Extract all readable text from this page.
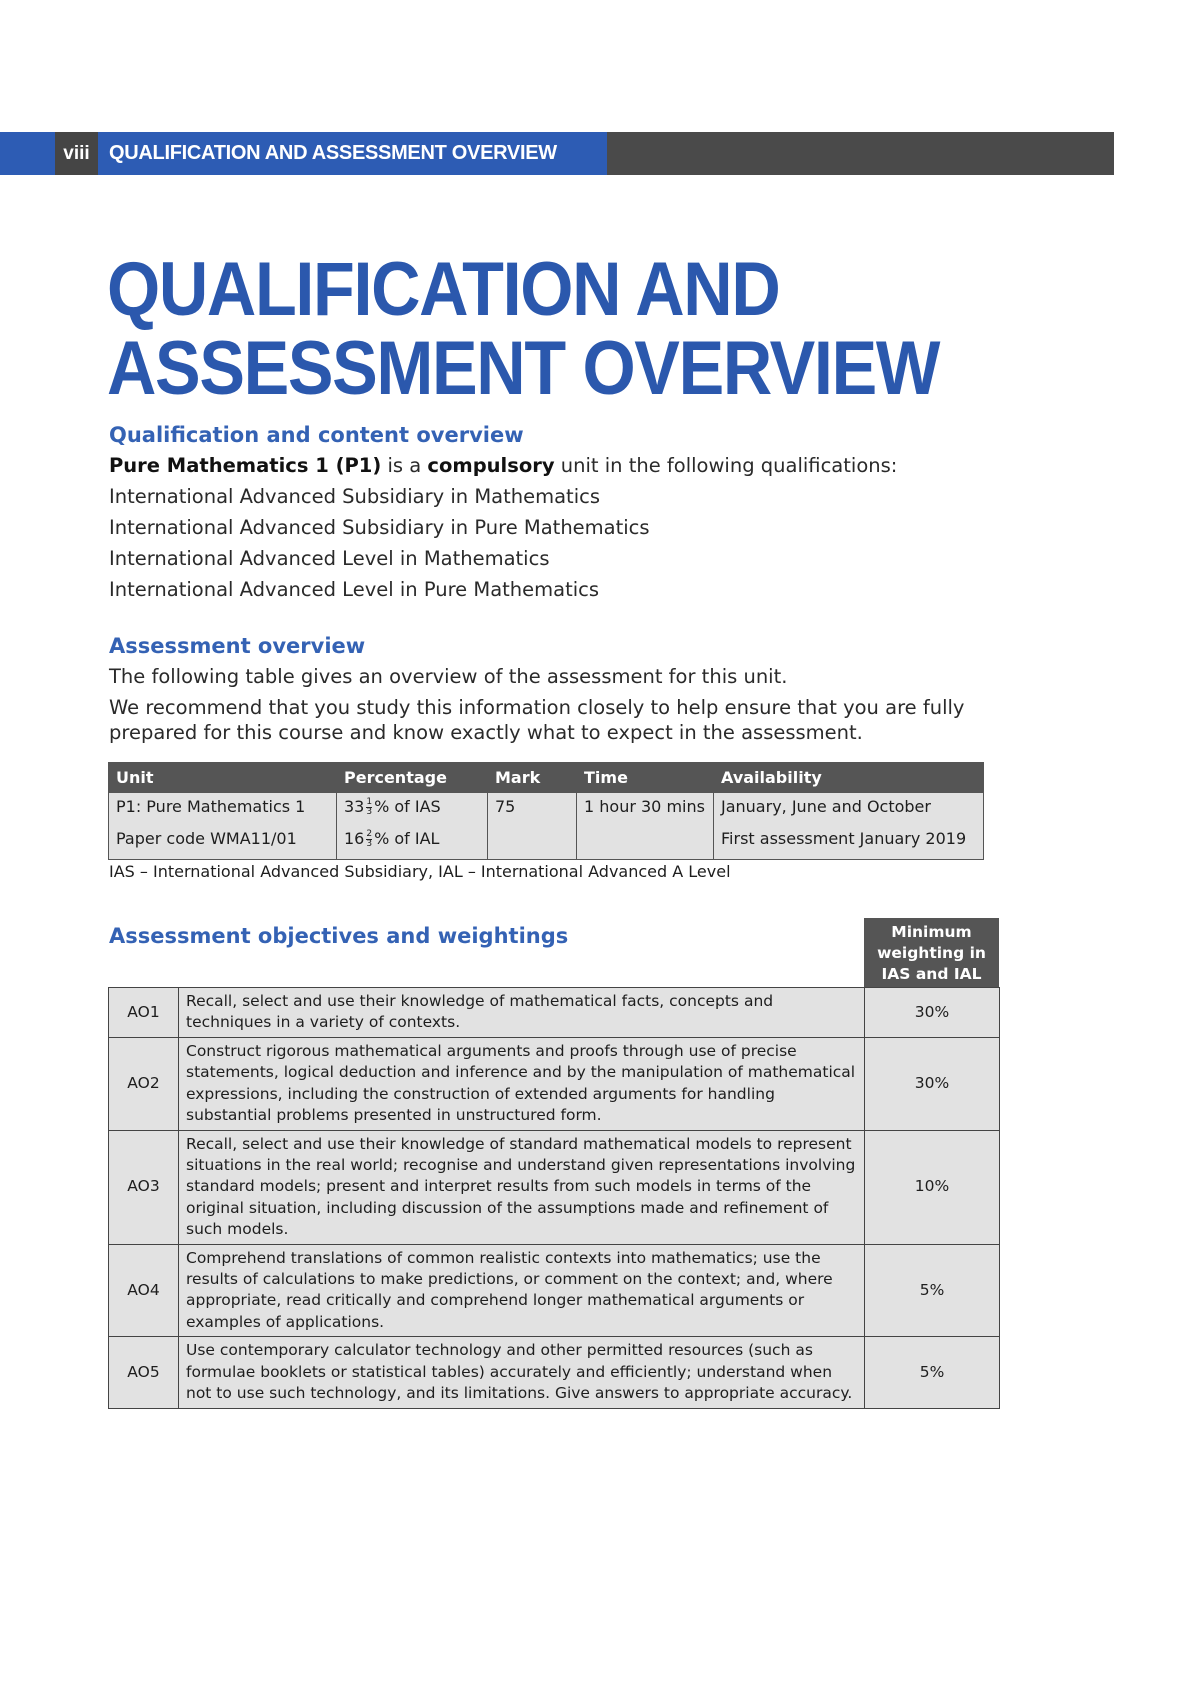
viii QUALIFICATION AND ASSESSMENT OVERVIEW
QUALIFICATION AND
ASSESSMENT OVERVIEW
Qualification and content overview
Pure Mathematics 1 (P1) is a compulsory unit in the following qualifications:
International Advanced Subsidiary in Mathematics
International Advanced Subsidiary in Pure Mathematics
International Advanced Level in Mathematics
International Advanced Level in Pure Mathematics
Assessment overview
The following table gives an overview of the assessment for this unit.
We recommend that you study this information closely to help ensure that you are fully prepared for this course and know exactly what to expect in the assessment.
Unit	Percentage	Mark	Time	Availability
P1: Pure Mathematics 1	$33 \frac{1}{3}$ % of IAS	75	1 hour 30 mins	January, June and October
Paper code WMA11/01	$16 \frac{2}{3}$ % of IAL			First assessment January 2019
IAS – International Advanced Subsidiary, IAL – International Advanced A Level
Assessment objectives and weightings	Minimum
weighting in
IAS and IAL
AO1	Recall, select and use their knowledge of mathematical facts, concepts and techniques in a variety of contexts.	30%
AO2	Construct rigorous mathematical arguments and proofs through use of precise statements, logical deduction and inference and by the manipulation of mathematical expressions, including the construction of extended arguments for handling substantial problems presented in unstructured form.	30%
AO3	Recall, select and use their knowledge of standard mathematical models to represent situations in the real world; recognise and understand given representations involving standard models; present and interpret results from such models in terms of the original situation, including discussion of the assumptions made and refinement of such models.	10%
AO4	Comprehend translations of common realistic contexts into mathematics; use the results of calculations to make predictions, or comment on the context; and, where appropriate, read critically and comprehend longer mathematical arguments or examples of applications.	5%
AO5	Use contemporary calculator technology and other permitted resources (such as formulae booklets or statistical tables) accurately and efficiently; understand when not to use such technology, and its limitations. Give answers to appropriate accuracy.	5%
